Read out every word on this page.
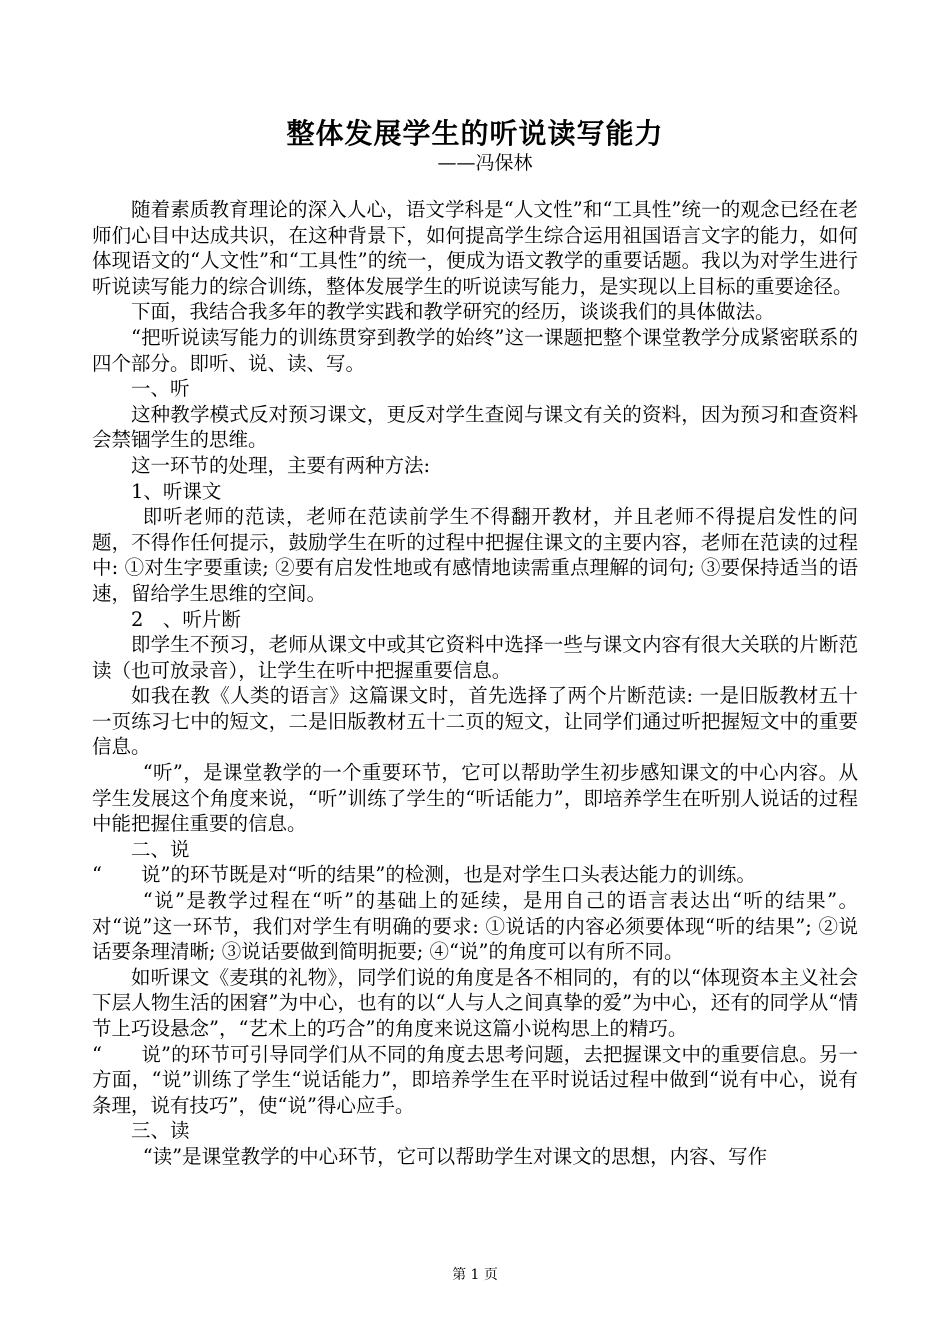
整体发展学生的听说读写能力
——冯保林

随着素质教育理论的深入人心，语文学科是“人文性”和“工具性”统一的观念已经在老师们心目中达成共识，在这种背景下，如何提高学生综合运用祖国语言文字的能力，如何体现语文的“人文性”和“工具性”的统一，便成为语文教学的重要话题。我以为对学生进行听说读写能力的综合训练，整体发展学生的听说读写能力，是实现以上目标的重要途径。

下面，我结合我多年的教学实践和教学研究的经历，谈谈我们的具体做法。

“把听说读写能力的训练贯穿到教学的始终”这一课题把整个课堂教学分成紧密联系的四个部分。即听、说、读、写。

一、听

这种教学模式反对预习课文，更反对学生查阅与课文有关的资料，因为预习和查资料会禁锢学生的思维。

这一环节的处理，主要有两种方法:

1、听课文

即听老师的范读，老师在范读前学生不得翻开教材，并且老师不得提启发性的问题，不得作任何提示，鼓励学生在听的过程中把握住课文的主要内容，老师在范读的过程中: ①对生字要重读; ②要有启发性地或有感情地读需重点理解的词句; ③要保持适当的语速，留给学生思维的空间。

2　、听片断

即学生不预习，老师从课文中或其它资料中选择一些与课文内容有很大关联的片断范读（也可放录音），让学生在听中把握重要信息。

如我在教《人类的语言》这篇课文时，首先选择了两个片断范读: 一是旧版教材五十一页练习七中的短文，二是旧版教材五十二页的短文，让同学们通过听把握短文中的重要信息。

“听”，是课堂教学的一个重要环节，它可以帮助学生初步感知课文的中心内容。从学生发展这个角度来说，“听”训练了学生的“听话能力”，即培养学生在听别人说话的过程中能把握住重要的信息。

二、说

“　　说”的环节既是对“听的结果”的检测，也是对学生口头表达能力的训练。

“说”是教学过程在“听”的基础上的延续，是用自己的语言表达出“听的结果”。对“说”这一环节，我们对学生有明确的要求: ①说话的内容必须要体现“听的结果”; ②说话要条理清晰; ③说话要做到简明扼要; ④“说”的角度可以有所不同。

如听课文《麦琪的礼物》，同学们说的角度是各不相同的，有的以“体现资本主义社会下层人物生活的困窘”为中心，也有的以“人与人之间真挚的爱”为中心，还有的同学从“情节上巧设悬念”，“艺术上的巧合”的角度来说这篇小说构思上的精巧。

“　　说”的环节可引导同学们从不同的角度去思考问题，去把握课文中的重要信息。另一方面，“说”训练了学生“说话能力”，即培养学生在平时说话过程中做到“说有中心，说有条理，说有技巧”，使“说”得心应手。

三、读

“读”是课堂教学的中心环节，它可以帮助学生对课文的思想，内容、写作

第 1 页
